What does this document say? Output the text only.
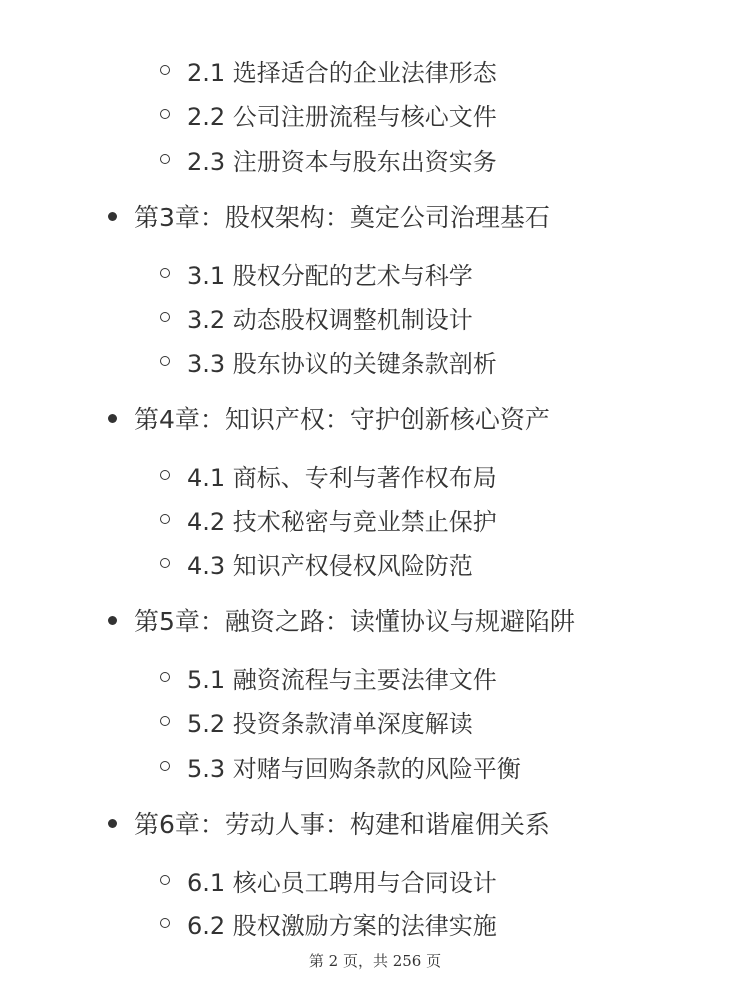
2.1 选择适合的企业法律形态
2.2 公司注册流程与核心文件
2.3 注册资本与股东出资实务
第3章：股权架构：奠定公司治理基石
3.1 股权分配的艺术与科学
3.2 动态股权调整机制设计
3.3 股东协议的关键条款剖析
第4章：知识产权：守护创新核心资产
4.1 商标、专利与著作权布局
4.2 技术秘密与竞业禁止保护
4.3 知识产权侵权风险防范
第5章：融资之路：读懂协议与规避陷阱
5.1 融资流程与主要法律文件
5.2 投资条款清单深度解读
5.3 对赌与回购条款的风险平衡
第6章：劳动人事：构建和谐雇佣关系
6.1 核心员工聘用与合同设计
6.2 股权激励方案的法律实施
第 2 页，共 256 页
